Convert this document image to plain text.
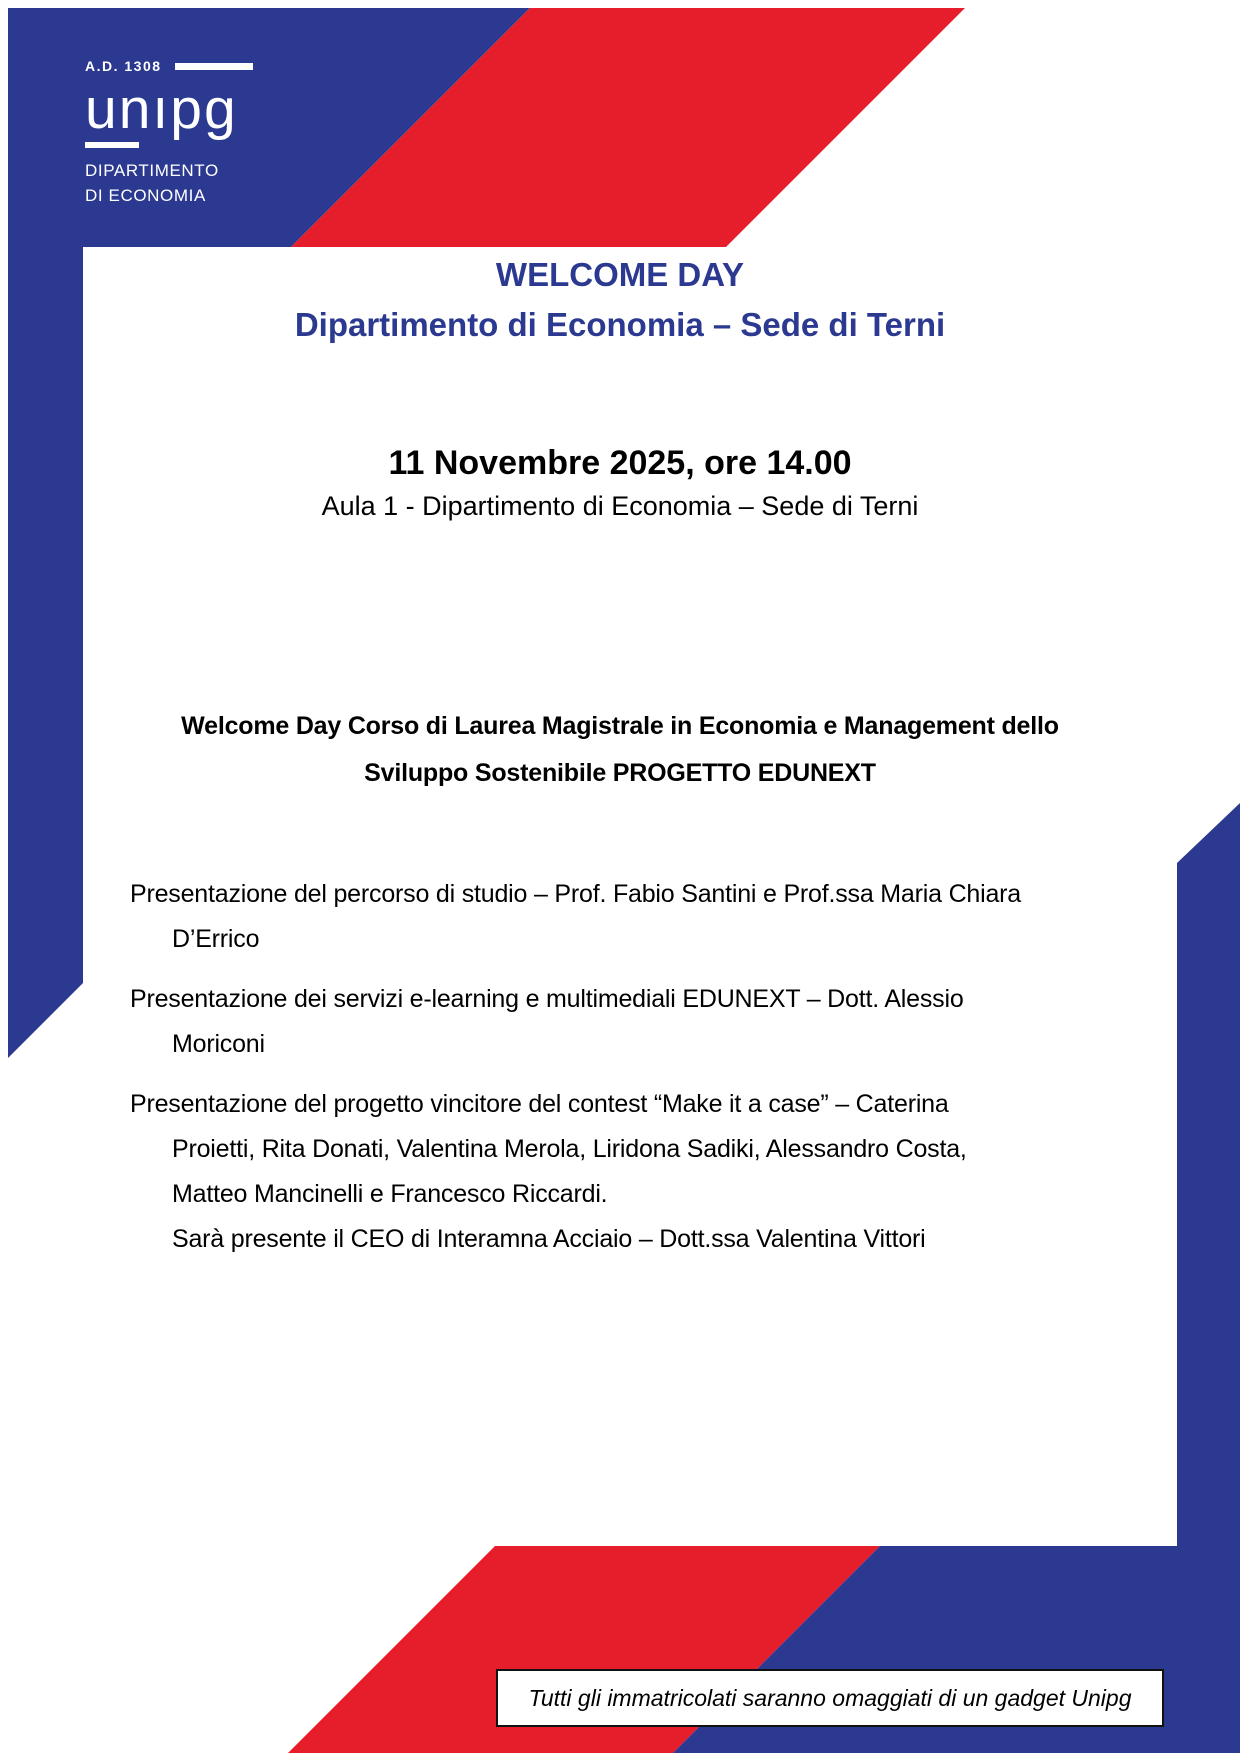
A.D. 1308
unıpg
DIPARTIMENTO
DI ECONOMIA
WELCOME DAY
Dipartimento di Economia – Sede di Terni
11 Novembre 2025, ore 14.00
Aula 1 - Dipartimento di Economia – Sede di Terni
Welcome Day Corso di Laurea Magistrale in Economia e Management dello
Sviluppo Sostenibile PROGETTO EDUNEXT
Presentazione del percorso di studio – Prof. Fabio Santini e Prof.ssa Maria Chiara
D’Errico
Presentazione dei servizi e-learning e multimediali EDUNEXT – Dott. Alessio
Moriconi
Presentazione del progetto vincitore del contest “Make it a case” – Caterina
Proietti, Rita Donati, Valentina Merola, Liridona Sadiki, Alessandro Costa,
Matteo Mancinelli e Francesco Riccardi.
Sarà presente il CEO di Interamna Acciaio – Dott.ssa Valentina Vittori
Tutti gli immatricolati saranno omaggiati di un gadget Unipg
